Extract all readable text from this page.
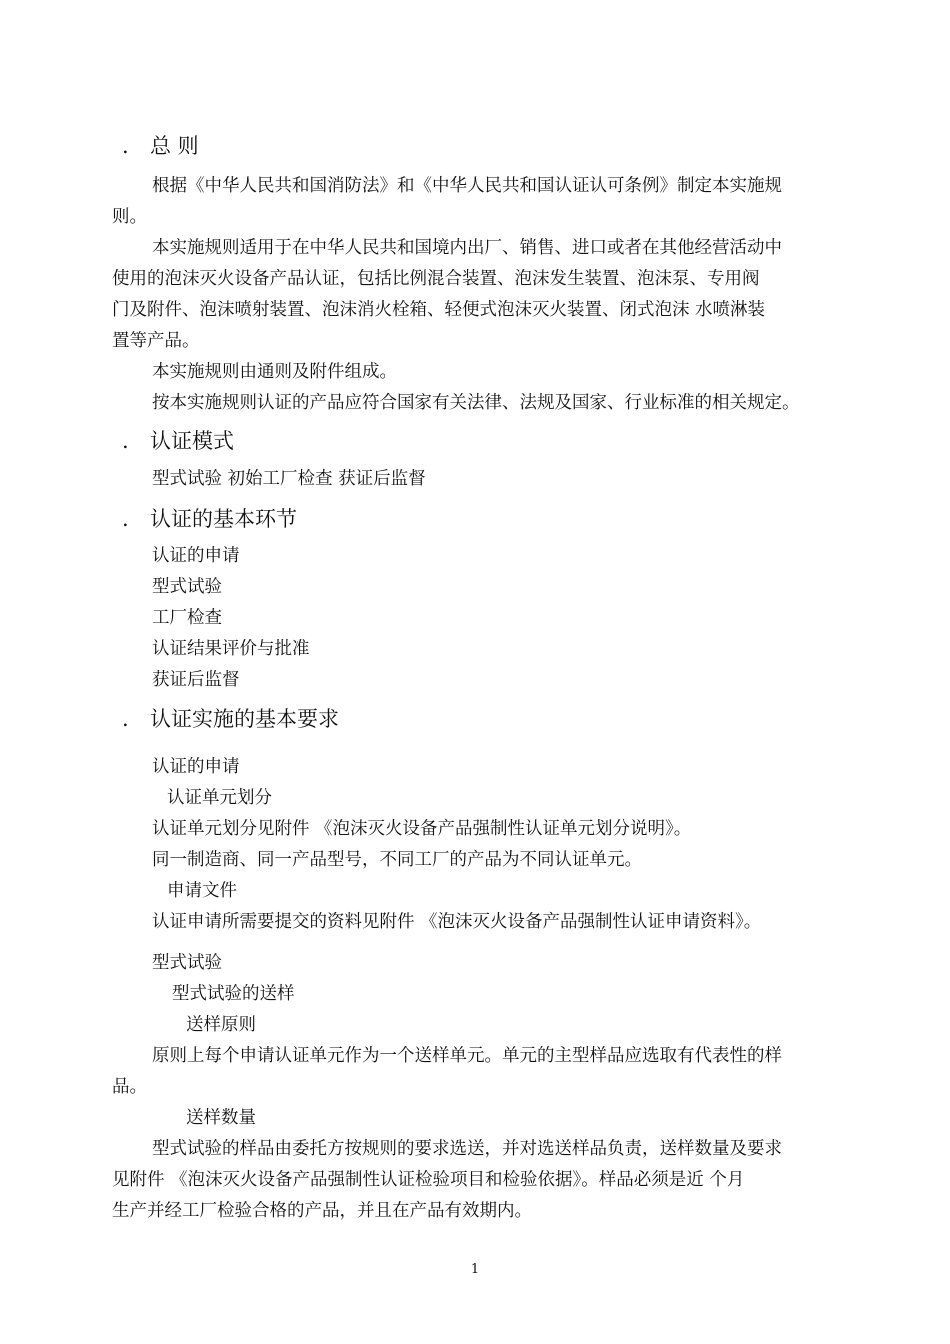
. 总 则
根据《中华人民共和国消防法》和《中华人民共和国认证认可条例》制定本实施规
则。
本实施规则适用于在中华人民共和国境内出厂、销售、进口或者在其他经营活动中
使用的泡沫灭火设备产品认证，包括比例混合装置、泡沫发生装置、泡沫泵、专用阀
门及附件、泡沫喷射装置、泡沫消火栓箱、轻便式泡沫灭火装置、闭式泡沫 水喷淋装
置等产品。
本实施规则由通则及附件组成。
按本实施规则认证的产品应符合国家有关法律、法规及国家、行业标准的相关规定。
. 认证模式
型式试验 初始工厂检查 获证后监督
. 认证的基本环节
认证的申请
型式试验
工厂检查
认证结果评价与批准
获证后监督
. 认证实施的基本要求
认证的申请
认证单元划分
认证单元划分见附件 《泡沫灭火设备产品强制性认证单元划分说明》。
同一制造商、同一产品型号，不同工厂的产品为不同认证单元。
申请文件
认证申请所需要提交的资料见附件 《泡沫灭火设备产品强制性认证申请资料》。
型式试验
型式试验的送样
送样原则
原则上每个申请认证单元作为一个送样单元。单元的主型样品应选取有代表性的样
品。
送样数量
型式试验的样品由委托方按规则的要求选送，并对选送样品负责，送样数量及要求
见附件 《泡沫灭火设备产品强制性认证检验项目和检验依据》。样品必须是近 个月
生产并经工厂检验合格的产品，并且在产品有效期内。
1
